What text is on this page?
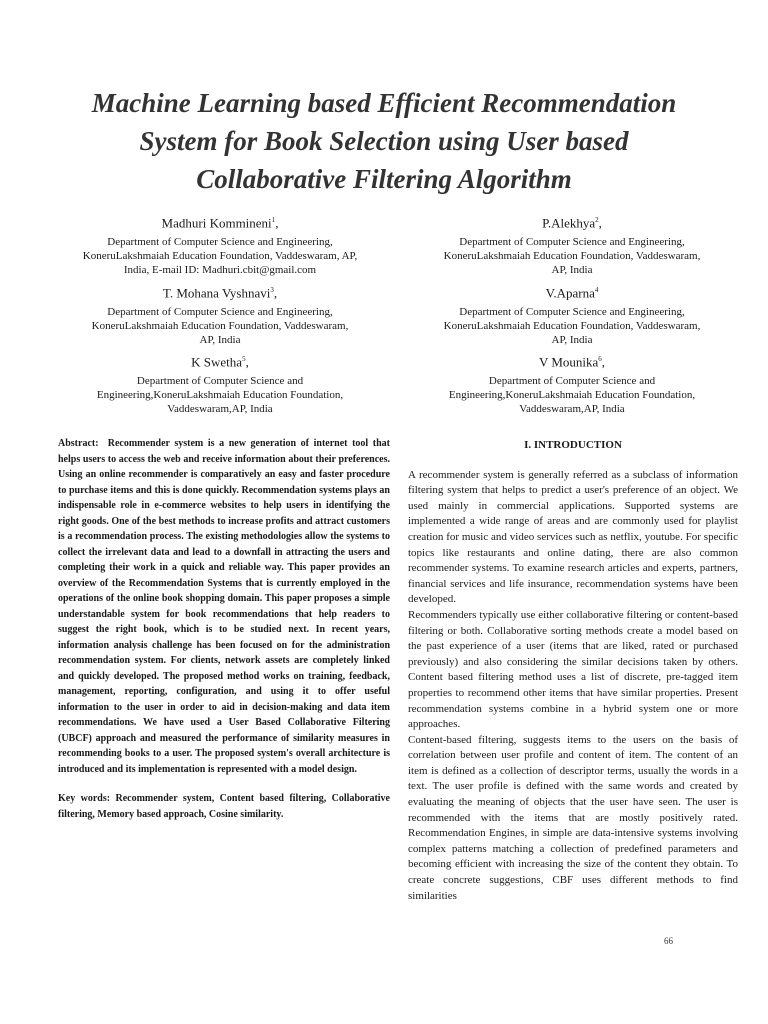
Machine Learning based Efficient Recommendation
System for Book Selection using User based
Collaborative Filtering Algorithm
Madhuri Kommineni$^1$,
Department of Computer Science and Engineering,
KoneruLakshmaiah Education Foundation, Vaddeswaram, AP,
India, E-mail ID: Madhuri.cbit@gmail.com
P.Alekhya$^2$,
Department of Computer Science and Engineering,
KoneruLakshmaiah Education Foundation, Vaddeswaram,
AP, India
T. Mohana Vyshnavi$^3$,
Department of Computer Science and Engineering,
KoneruLakshmaiah Education Foundation, Vaddeswaram,
AP, India
V.Aparna$^4$
Department of Computer Science and Engineering,
KoneruLakshmaiah Education Foundation, Vaddeswaram,
AP, India
K Swetha$^5$,
Department of Computer Science and
Engineering,KoneruLakshmaiah Education Foundation,
Vaddeswaram,AP, India
V Mounika$^6$,
Department of Computer Science and
Engineering,KoneruLakshmaiah Education Foundation,
Vaddeswaram,AP, India
Abstract: Recommender system is a new generation of internet tool that helps users to access the web and receive information about their preferences. Using an online recommender is comparatively an easy and faster procedure to purchase items and this is done quickly. Recommendation systems plays an indispensable role in e-commerce websites to help users in identifying the right goods. One of the best methods to increase profits and attract customers is a recommendation process. The existing methodologies allow the systems to collect the irrelevant data and lead to a downfall in attracting the users and completing their work in a quick and reliable way. This paper provides an overview of the Recommendation Systems that is currently employed in the operations of the online book shopping domain. This paper proposes a simple understandable system for book recommendations that help readers to suggest the right book, which is to be studied next. In recent years, information analysis challenge has been focused on for the administration recommendation system. For clients, network assets are completely linked and quickly developed. The proposed method works on training, feedback, management, reporting, configuration, and using it to offer useful information to the user in order to aid in decision-making and data item recommendations. We have used a User Based Collaborative Filtering (UBCF) approach and measured the performance of similarity measures in recommending books to a user. The proposed system's overall architecture is introduced and its implementation is represented with a model design.
Key words: Recommender system, Content based filtering, Collaborative filtering, Memory based approach, Cosine similarity.
I. INTRODUCTION
A recommender system is generally referred as a subclass of information filtering system that helps to predict a user's preference of an object. We used mainly in commercial applications. Supported systems are implemented a wide range of areas and are commonly used for playlist creation for music and video services such as netflix, youtube. For specific topics like restaurants and online dating, there are also common recommender systems. To examine research articles and experts, partners, financial services and life insurance, recommendation systems have been developed.
Recommenders typically use either collaborative filtering or content-based filtering or both. Collaborative sorting methods create a model based on the past experience of a user (items that are liked, rated or purchased previously) and also considering the similar decisions taken by others. Content based filtering method uses a list of discrete, pre-tagged item properties to recommend other items that have similar properties. Present recommendation systems combine in a hybrid system one or more approaches.
Content-based filtering, suggests items to the users on the basis of correlation between user profile and content of item. The content of an item is defined as a collection of descriptor terms, usually the words in a text. The user profile is defined with the same words and created by evaluating the meaning of objects that the user have seen. The user is recommended with the items that are mostly positively rated. Recommendation Engines, in simple are data-intensive systems involving complex patterns matching a collection of predefined parameters and becoming efficient with increasing the size of the content they obtain. To create concrete suggestions, CBF uses different methods to find similarities
66
